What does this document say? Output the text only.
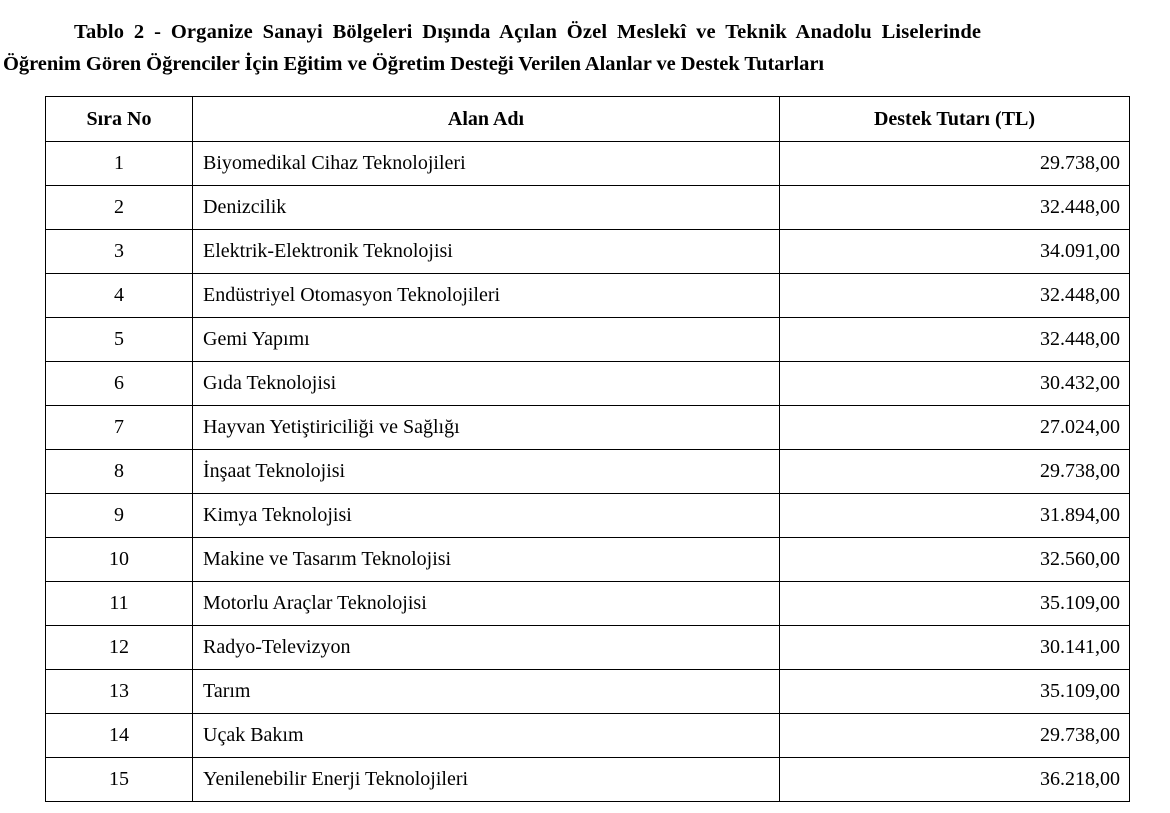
Tablo 2 - Organize Sanayi Bölgeleri Dışında Açılan Özel Meslekî ve Teknik Anadolu Liselerinde
Öğrenim Gören Öğrenciler İçin Eğitim ve Öğretim Desteği Verilen Alanlar ve Destek Tutarları
Sıra No	Alan Adı	Destek Tutarı (TL)
1	Biyomedikal Cihaz Teknolojileri	29.738,00
2	Denizcilik	32.448,00
3	Elektrik-Elektronik Teknolojisi	34.091,00
4	Endüstriyel Otomasyon Teknolojileri	32.448,00
5	Gemi Yapımı	32.448,00
6	Gıda Teknolojisi	30.432,00
7	Hayvan Yetiştiriciliği ve Sağlığı	27.024,00
8	İnşaat Teknolojisi	29.738,00
9	Kimya Teknolojisi	31.894,00
10	Makine ve Tasarım Teknolojisi	32.560,00
11	Motorlu Araçlar Teknolojisi	35.109,00
12	Radyo-Televizyon	30.141,00
13	Tarım	35.109,00
14	Uçak Bakım	29.738,00
15	Yenilenebilir Enerji Teknolojileri	36.218,00
